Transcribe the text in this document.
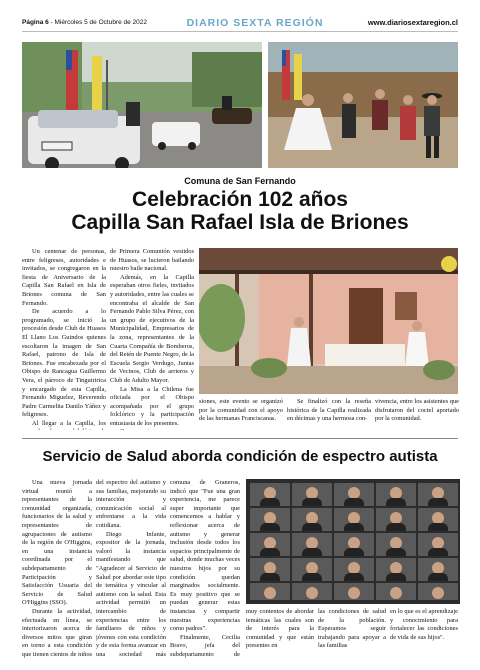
Página 6 - Miércoles 5 de Octubre de 2022	DIARIO SEXTA REGIÓN	www.diariosextaregion.cl
Comuna de San Fernando
Celebración 102 años
Capilla San Rafael Isla de Briones

Un centenar de personas, entre feligreses, autoridades e invitados, se congregaron en la fiesta de Aniversario de la Capilla San Rafael en Isla de Briones comuna de San Fernando.

De acuerdo a lo programado, se inició la procesión desde Club de Huasos El Llano Los Guindos quienes escoltaron la imagen de San Rafael, patrono de Isla de Briones. Fue encabezada por el Obispo de Rancagua Guillermo Vera, el párroco de Tinguiririca y encargado de esta Capilla, Fernando Miguelez, Reverendo Padre Carmelita Danilo Yáñez y feligreses.

Al llegar a la Capilla, los

de Primera Comunión vestidos de Huasos, se lucieron bailando nuestro baile nacional.

Además, en la Capilla esperaban otros fieles, invitados y autoridades, entre las cuales se encontraba el alcalde de San Fernando Pablo Silva Pérez, con un grupo de ejecutivos de la Municipalidad, Empresarios de la zona, representantes de la Cuarta Compañía de Bomberos, del Retén de Puente Negro, de la Escuela Sergio Verdugo, Juntas de Vecinos, Club de arrieros y Club de Adulto Mayor.

La Misa a la Chilena fue oficiada por el Obispo acompañada por el grupo folclórico y la participación entusiasta de los presentes.

siones, este evento se organizó por la comunidad con el apoyo de las hermanas Franciscanas.

Se finalizó con la reseña histórica de la Capilla realizada en décimas y una hermosa con-

vivencia, entre los asistentes que disfrutaron del coctel aportado por la comunidad.

Servicio de Salud aborda condición de espectro autista

Una nueva jornada virtual reunió a representantes de la comunidad organizada, funcionarios de la salud y representantes de agrupaciones de autismo de la región de O'Higgins, en una instancia coordinada por el subdepartamento de Participación y Satisfacción Usuaria del Servicio de Salud O'Higgins (SSO).

Durante la actividad, efectuada en línea, se interiorizaron acerca de diversos mitos que giran en torno a esta condición que tienen cientos de niños

del espectro del autismo y sus familias, mejorando su interacción y comunicación social al enfrentarse a la vida cotidiana.

Diego Infante, expositor de la jornada, valoró la instancia manifestando que "Agradecer al Servicio de Salud por abordar este tipo de temática y vincular al autismo con la salud. Esta actividad permitió un intercambio de experiencias entre los familiares de niños y jóvenes con esta condición y de esta forma avanzar en una sociedad más

comuna de Graneros, indicó que "Fue una gran experiencia, me parece super importante que comencemos a hablar y reflexionar acerca de autismo y generar inclusión desde todos los espacios principalmente de salud, donde muchas veces nuestros hijos por su condición quedan marginados socialmente. Es muy positivo que se puedan generar estas instancias y compartir nuestras experiencias como padres".

Finalmente, Cecilia Bravo, jefa del subdepartamento de

muy contentos de abordar temáticas las cuales son de interés para la comunidad y que están presentes en

las condiciones de salud de la población. Esperamos seguir trabajando para apoyar a las familias

en lo que es el aprendizaje y conocimiento para fortalecer las condiciones de vida de sus hijos".
